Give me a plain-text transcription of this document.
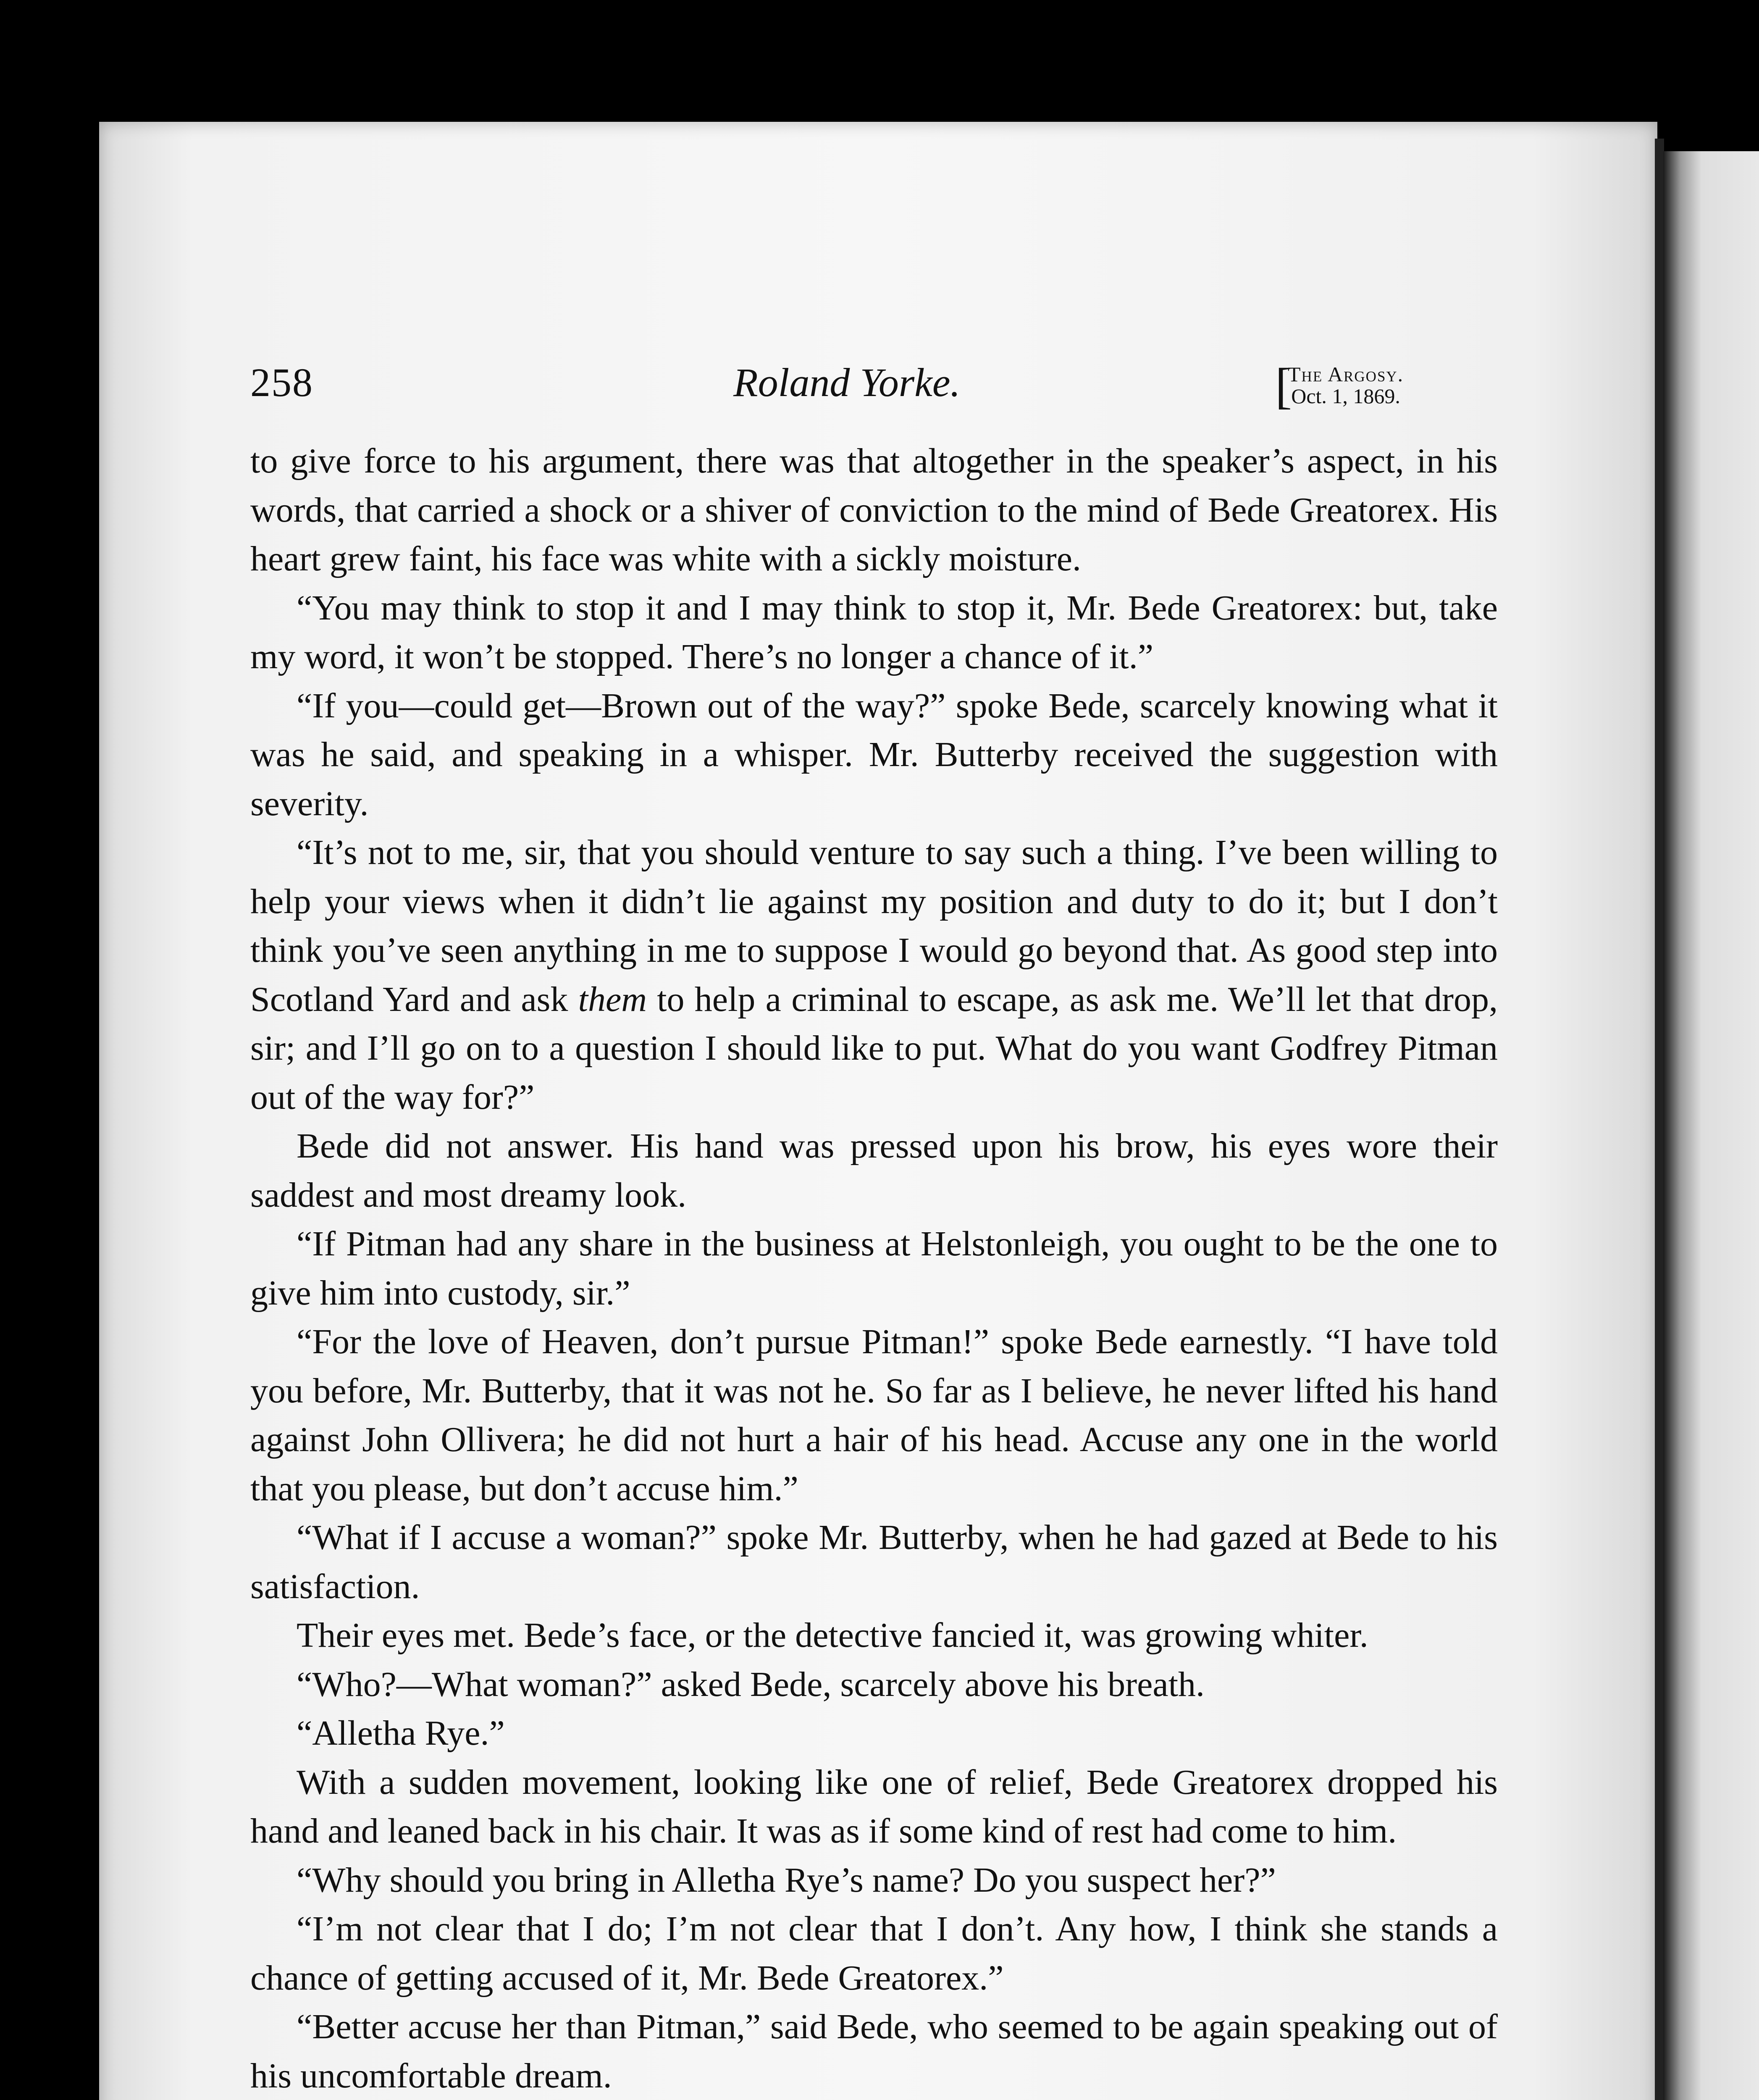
258	Roland Yorke.	[
The Argosy.
Oct. 1, 1869.

to give force to his argument, there was that altogether in the speaker’s aspect, in his words, that carried a shock or a shiver of conviction to the mind of Bede Greatorex. His heart grew faint, his face was white with a sickly moisture.

“You may think to stop it and I may think to stop it, Mr. Bede Greatorex: but, take my word, it won’t be stopped. There’s no longer a chance of it.”

“If you—could get—Brown out of the way?” spoke Bede, scarcely knowing what it was he said, and speaking in a whisper. Mr. Butterby received the suggestion with severity.

“It’s not to me, sir, that you should venture to say such a thing. I’ve been willing to help your views when it didn’t lie against my position and duty to do it; but I don’t think you’ve seen anything in me to suppose I would go beyond that. As good step into Scotland Yard and ask them to help a criminal to escape, as ask me. We’ll let that drop, sir; and I’ll go on to a question I should like to put. What do you want Godfrey Pitman out of the way for?”

Bede did not answer. His hand was pressed upon his brow, his eyes wore their saddest and most dreamy look.

“If Pitman had any share in the business at Helstonleigh, you ought to be the one to give him into custody, sir.”

“For the love of Heaven, don’t pursue Pitman!” spoke Bede earnestly. “I have told you before, Mr. Butterby, that it was not he. So far as I believe, he never lifted his hand against John Ollivera; he did not hurt a hair of his head. Accuse any one in the world that you please, but don’t accuse him.”

“What if I accuse a woman?” spoke Mr. Butterby, when he had gazed at Bede to his satisfaction.

Their eyes met. Bede’s face, or the detective fancied it, was growing whiter.

“Who?—What woman?” asked Bede, scarcely above his breath.

“Alletha Rye.”

With a sudden movement, looking like one of relief, Bede Greatorex dropped his hand and leaned back in his chair. It was as if some kind of rest had come to him.

“Why should you bring in Alletha Rye’s name? Do you suspect her?”

“I’m not clear that I do; I’m not clear that I don’t. Any how, I think she stands a chance of getting accused of it, Mr. Bede Greatorex.”

“Better accuse her than Pitman,” said Bede, who seemed to be again speaking out of his uncomfortable dream.
